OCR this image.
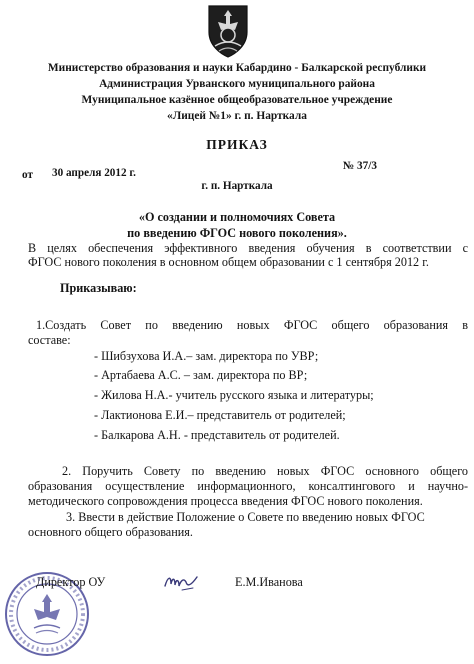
Министерство образования и науки Кабардино - Балкарской республики
Администрация Урванского муниципального района
Муниципальное казённое общеобразовательное учреждение
«Лицей №1» г. п. Нарткала
ПРИКАЗ
от 30 апреля 2012 г.
№ 37/3
г. п. Нарткала
«О создании и полномочиях Совета
по введению ФГОС нового поколения».
В целях обеспечения эффективного введения обучения в соответствии с
ФГОС нового поколения в основном общем образовании с 1 сентября 2012 г.
Приказываю:
1.Создать Совет по введению новых ФГОС общего образования в
составе:
- Шибзухова И.А.– зам. директора по УВР;
- Артабаева А.С. – зам. директора по ВР;
- Жилова Н.А.- учитель русского языка и литературы;
- Лактионова Е.И.– представитель от родителей;
- Балкарова А.Н. - представитель от родителей.
2. Поручить Совету по введению новых ФГОС основного общего
образования осуществление информационного, консалтингового и научно-
методического сопровождения процесса введения ФГОС нового поколения.
3. Ввести в действие Положение о Совете по введению новых ФГОС
основного общего образования.
Директор ОУ	Е.М.Иванова
